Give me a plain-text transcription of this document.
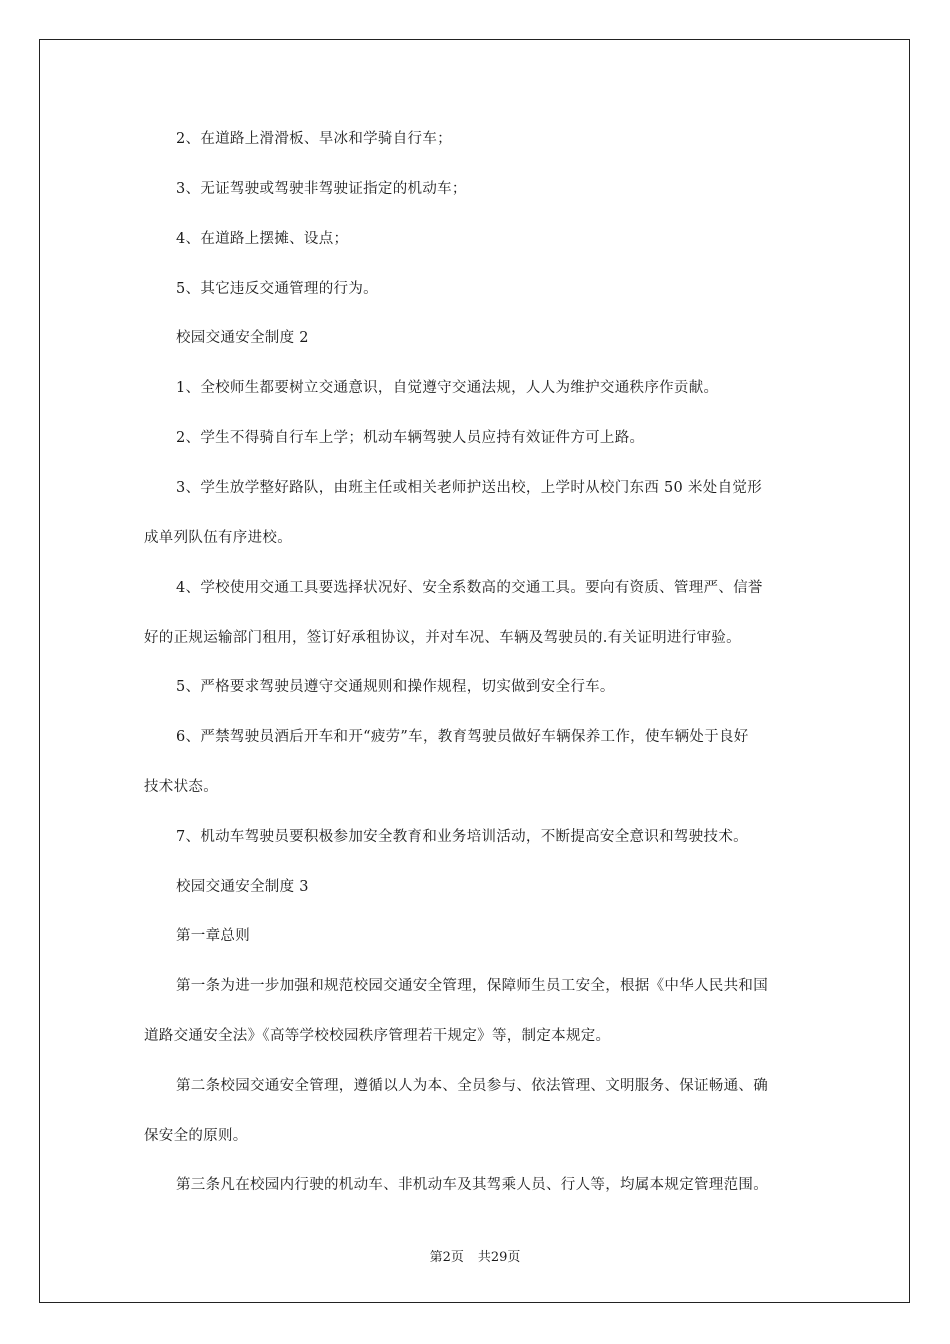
2、在道路上滑滑板、旱冰和学骑自行车；
3、无证驾驶或驾驶非驾驶证指定的机动车；
4、在道路上摆摊、设点；
5、其它违反交通管理的行为。
校园交通安全制度 2
1、全校师生都要树立交通意识，自觉遵守交通法规，人人为维护交通秩序作贡献。
2、学生不得骑自行车上学；机动车辆驾驶人员应持有效证件方可上路。
3、学生放学整好路队，由班主任或相关老师护送出校，上学时从校门东西 50 米处自觉形
成单列队伍有序进校。
4、学校使用交通工具要选择状况好、安全系数高的交通工具。要向有资质、管理严、信誉
好的正规运输部门租用，签订好承租协议，并对车况、车辆及驾驶员的.有关证明进行审验。
5、严格要求驾驶员遵守交通规则和操作规程，切实做到安全行车。
6、严禁驾驶员酒后开车和开“疲劳”车，教育驾驶员做好车辆保养工作，使车辆处于良好
技术状态。
7、机动车驾驶员要积极参加安全教育和业务培训活动，不断提高安全意识和驾驶技术。
校园交通安全制度 3
第一章总则
第一条为进一步加强和规范校园交通安全管理，保障师生员工安全，根据《中华人民共和国
道路交通安全法》《高等学校校园秩序管理若干规定》等，制定本规定。
第二条校园交通安全管理，遵循以人为本、全员参与、依法管理、文明服务、保证畅通、确
保安全的原则。
第三条凡在校园内行驶的机动车、非机动车及其驾乘人员、行人等，均属本规定管理范围。
第2页 共29页
